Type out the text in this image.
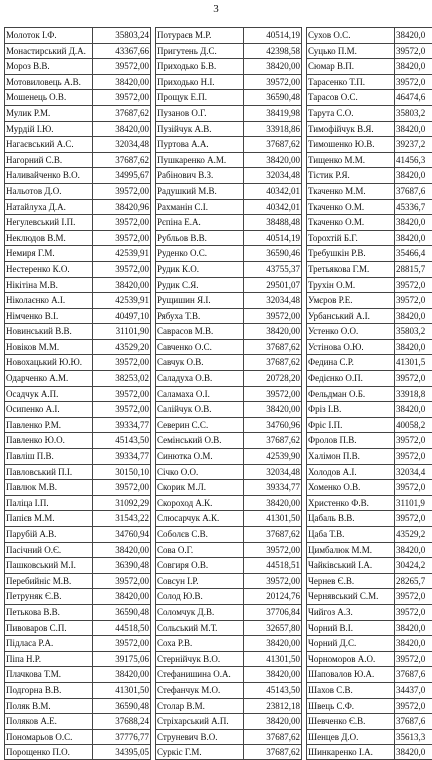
3
Молоток І.Ф.	35803,24
Монастирський Д.А.	43367,66
Мороз В.В.	39572,00
Мотовиловець А.В.	38420,00
Мошенець О.В.	39572,00
Мулик Р.М.	37687,62
Мурдій І.Ю.	38420,00
Нагаєвський А.С.	32034,48
Нагорний С.В.	37687,62
Наливайченко В.О.	34995,67
Нальотов Д.О.	39572,00
Натайлуха Д.А.	38420,96
Негулевський І.П.	39572,00
Неклюдов В.М.	39572,00
Немиря Г.М.	42539,91
Нестеренко К.О.	39572,00
Нікітіна М.В.	38420,00
Ніколаєнко А.І.	42539,91
Німченко В.І.	40497,10
Новинський В.В.	31101,90
Новіков М.М.	43529,20
Новохацький Ю.Ю.	39572,00
Одарченко А.М.	38253,02
Осадчук А.П.	39572,00
Осипенко А.І.	39572,00
Павленко Р.М.	39334,77
Павленко Ю.О.	45143,50
Павліш П.В.	39334,77
Павловський П.І.	30150,10
Павлюк М.В.	39572,00
Паліца І.П.	31092,29
Папієв М.М.	31543,22
Парубій А.В.	34760,94
Пасічний О.Є.	38420,00
Пашковський М.І.	36390,48
Перебийніс М.В.	39572,00
Петруняк Є.В.	38420,00
Петькова В.В.	36590,48
Пивоваров С.П.	44518,50
Підласа Р.А.	39572,00
Піпа Н.Р.	39175,06
Плачкова Т.М.	38420,00
Подгорна В.В.	41301,50
Поляк В.М.	36590,48
Поляков А.Е.	37688,24
Пономарьов О.С.	37776,77
Порощенко П.О.	34395,05
Потураєв М.Р.	40514,19
Пригутень Д.С.	42398,58
Приходько Б.В.	38420,00
Приходько Н.І.	39572,00
Прощук Е.П.	36590,48
Пузанов О.Г.	38419,98
Пузійчук А.В.	33918,86
Пуртова А.А.	37687,62
Пушкаренко А.М.	38420,00
Рабінович В.З.	32034,48
Радушкий М.В.	40342,01
Рахманін С.І.	40342,01
Рєпіна Е.А.	38488,48
Рубльов В.В.	40514,19
Руденко О.С.	36590,46
Рудик К.О.	43755,37
Рудик С.Я.	29501,07
Рущишин Я.І.	32034,48
Рябуха Т.В.	39572,00
Саврасов М.В.	38420,00
Савченко О.С.	37687,62
Савчук О.В.	37687,62
Саладуха О.В.	20728,20
Саламаха О.І.	39572,00
Салійчук О.В.	38420,00
Северин С.С.	34760,96
Семінський О.В.	37687,62
Синютка О.М.	42539,90
Січко О.О.	32034,48
Скорик М.Л.	39334,77
Скороход А.К.	38420,00
Слюсарчук А.К.	41301,50
Соболєв С.В.	37687,62
Сова О.Г.	39572,00
Совгиря О.В.	44518,51
Совсун І.Р.	39572,00
Солод Ю.В.	20124,76
Соломчук Д.В.	37706,84
Сольський М.Т.	32657,80
Соха Р.В.	38420,00
Стернійчук В.О.	41301,50
Стефанишина О.А.	38420,00
Стефанчук М.О.	45143,50
Столар В.М.	23812,18
Стріхарський А.П.	38420,00
Струневич В.О.	37687,62
Суркіс Г.М.	37687,62
Сухов О.С.	38420,0
Суцько П.М.	39572,0
Сюмар В.П.	38420,0
Тарасенко Т.П.	39572,0
Тарасов О.С.	46474,6
Тарута С.О.	35803,2
Тимофійчук В.Я.	38420,0
Тимошенко Ю.В.	39237,2
Тищенко М.М.	41456,3
Тістик Р.Я.	38420,0
Ткаченко М.М.	37687,6
Ткаченко О.М.	45336,7
Ткаченко О.М.	38420,0
Торохтій Б.Г.	38420,0
Требушкін Р.В.	35466,4
Третьякова Г.М.	28815,7
Трухін О.М.	39572,0
Умєров Р.Е.	39572,0
Урбанський А.І.	38420,0
Устенко О.О.	35803,2
Устінова О.Ю.	38420,0
Федина С.Р.	41301,5
Федієнко О.П.	39572,0
Фельдман О.Б.	33918,8
Фріз І.В.	38420,0
Фріс І.П.	40058,2
Фролов П.В.	39572,0
Халімон П.В.	39572,0
Холодов А.І.	32034,4
Хоменко О.В.	39572,0
Христенко Ф.В.	31101,9
Цабаль В.В.	39572,0
Цаба Т.В.	43529,2
Цимбалюк М.М.	38420,0
Чайківський І.А.	30424,2
Чернев Є.В.	28265,7
Чернявський С.М.	39572,0
Чийгоз А.З.	39572,0
Чорний В.І.	38420,0
Чорний Д.С.	38420,0
Чорноморов А.О.	39572,0
Шаповалов Ю.А.	37687,6
Шахов С.В.	34437,0
Швець С.Ф.	39572,0
Шевченко Є.В.	37687,6
Шенцев Д.О.	35613,3
Шинкаренко І.А.	38420,0
